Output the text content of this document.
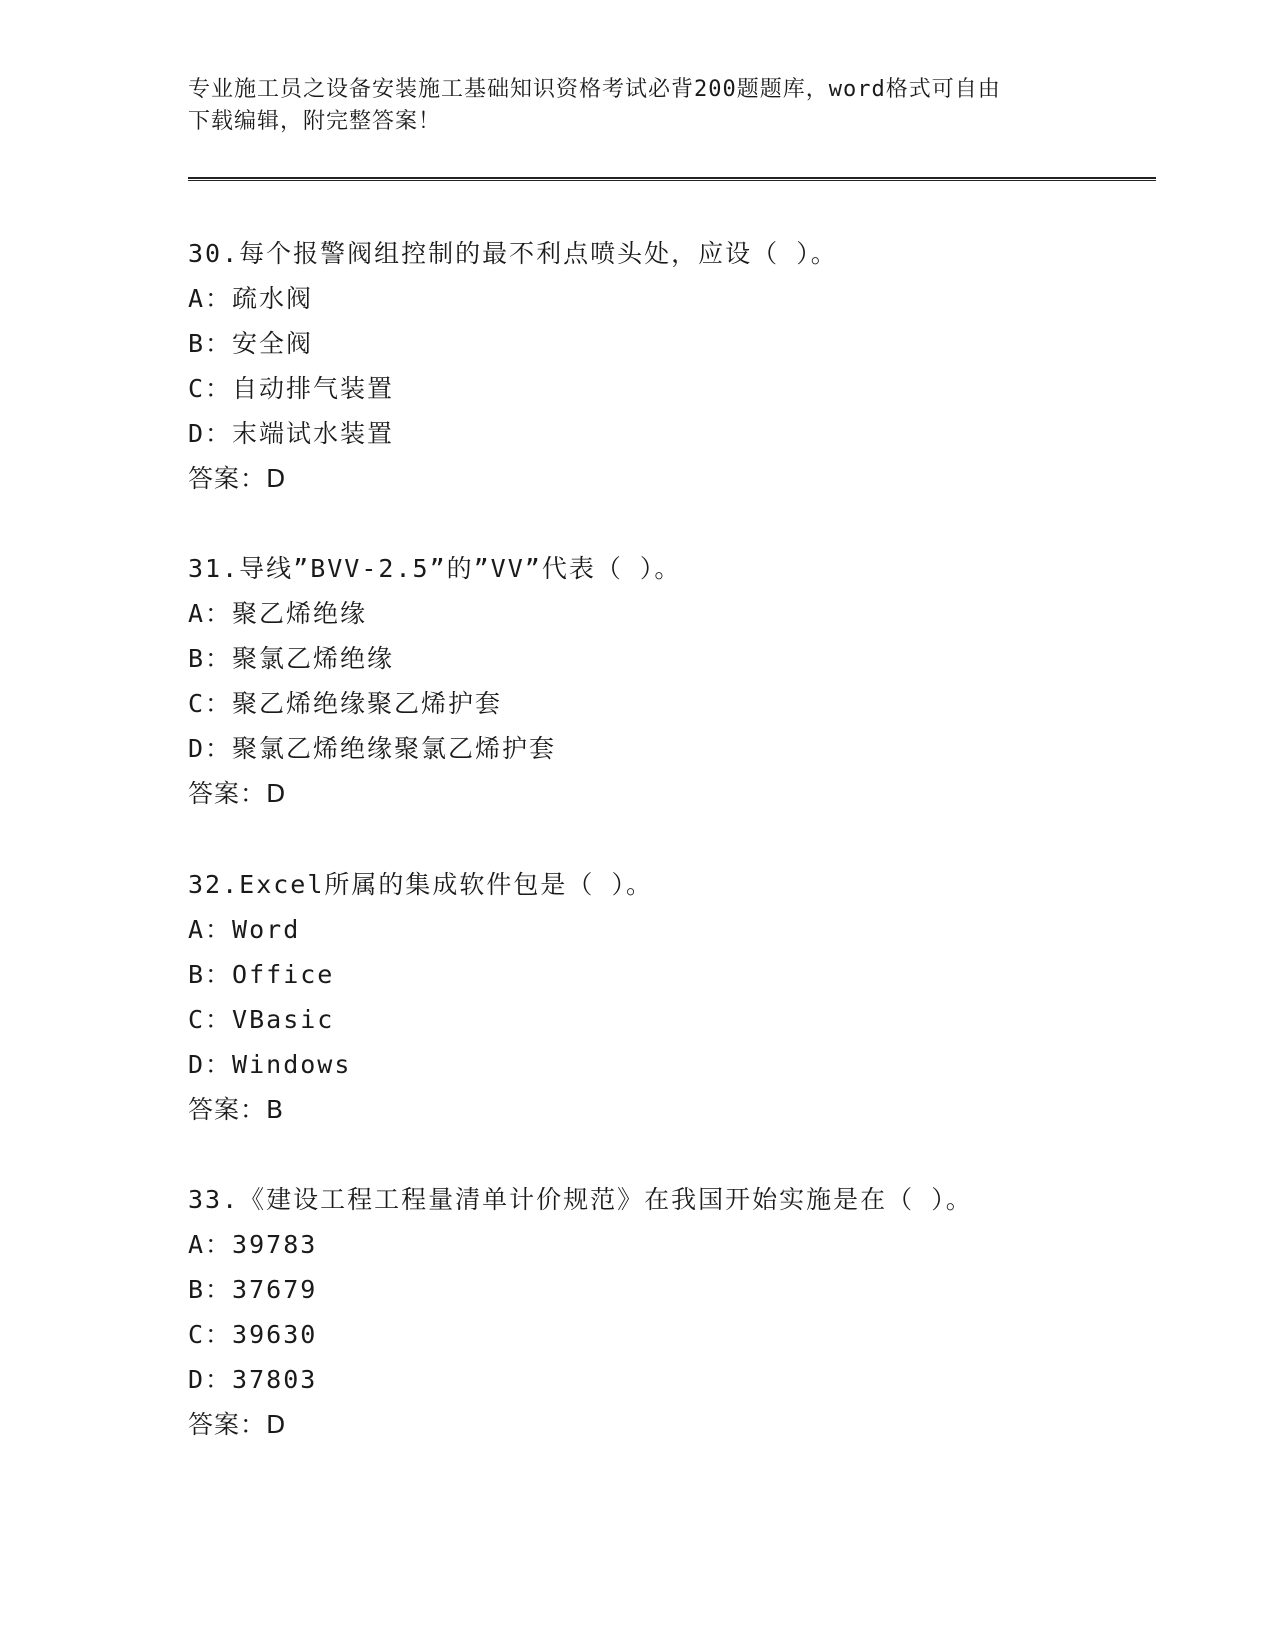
专业施工员之设备安装施工基础知识资格考试必背200题题库，word格式可自由
下载编辑，附完整答案！
30.每个报警阀组控制的最不利点喷头处，应设（ ）。
A：疏水阀
B：安全阀
C：自动排气装置
D：末端试水装置
答案：D
31.导线”BVV-2.5”的”VV”代表（ ）。
A：聚乙烯绝缘
B：聚氯乙烯绝缘
C：聚乙烯绝缘聚乙烯护套
D：聚氯乙烯绝缘聚氯乙烯护套
答案：D
32.Excel所属的集成软件包是（ ）。
A：Word
B：Office
C：VBasic
D：Windows
答案：B
33.《建设工程工程量清单计价规范》在我国开始实施是在（ ）。
A：39783
B：37679
C：39630
D：37803
答案：D
